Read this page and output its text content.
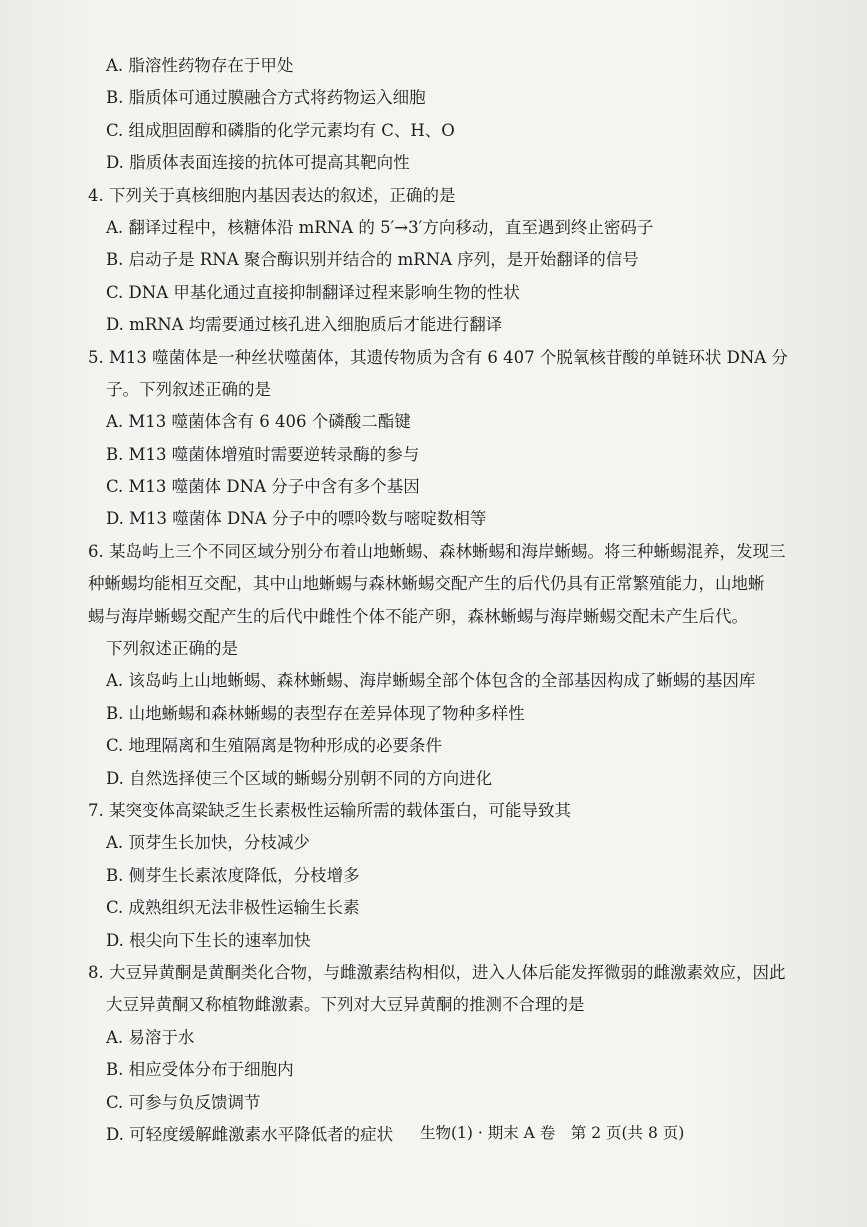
A. 脂溶性药物存在于甲处
B. 脂质体可通过膜融合方式将药物运入细胞
C. 组成胆固醇和磷脂的化学元素均有 C、H、O
D. 脂质体表面连接的抗体可提高其靶向性
4. 下列关于真核细胞内基因表达的叙述，正确的是
A. 翻译过程中，核糖体沿 mRNA 的 5′→3′方向移动，直至遇到终止密码子
B. 启动子是 RNA 聚合酶识别并结合的 mRNA 序列，是开始翻译的信号
C. DNA 甲基化通过直接抑制翻译过程来影响生物的性状
D. mRNA 均需要通过核孔进入细胞质后才能进行翻译
5. M13 噬菌体是一种丝状噬菌体，其遗传物质为含有 6 407 个脱氧核苷酸的单链环状 DNA 分
子。下列叙述正确的是
A. M13 噬菌体含有 6 406 个磷酸二酯键
B. M13 噬菌体增殖时需要逆转录酶的参与
C. M13 噬菌体 DNA 分子中含有多个基因
D. M13 噬菌体 DNA 分子中的嘌呤数与嘧啶数相等
6. 某岛屿上三个不同区域分别分布着山地蜥蜴、森林蜥蜴和海岸蜥蜴。将三种蜥蜴混养，发现三
种蜥蜴均能相互交配，其中山地蜥蜴与森林蜥蜴交配产生的后代仍具有正常繁殖能力，山地蜥
蜴与海岸蜥蜴交配产生的后代中雌性个体不能产卵，森林蜥蜴与海岸蜥蜴交配未产生后代。
下列叙述正确的是
A. 该岛屿上山地蜥蜴、森林蜥蜴、海岸蜥蜴全部个体包含的全部基因构成了蜥蜴的基因库
B. 山地蜥蜴和森林蜥蜴的表型存在差异体现了物种多样性
C. 地理隔离和生殖隔离是物种形成的必要条件
D. 自然选择使三个区域的蜥蜴分别朝不同的方向进化
7. 某突变体高粱缺乏生长素极性运输所需的载体蛋白，可能导致其
A. 顶芽生长加快，分枝减少
B. 侧芽生长素浓度降低，分枝增多
C. 成熟组织无法非极性运输生长素
D. 根尖向下生长的速率加快
8. 大豆异黄酮是黄酮类化合物，与雌激素结构相似，进入人体后能发挥微弱的雌激素效应，因此
大豆异黄酮又称植物雌激素。下列对大豆异黄酮的推测不合理的是
A. 易溶于水
B. 相应受体分布于细胞内
C. 可参与负反馈调节
D. 可轻度缓解雌激素水平降低者的症状	生物(1) · 期末 A 卷　第 2 页(共 8 页)
